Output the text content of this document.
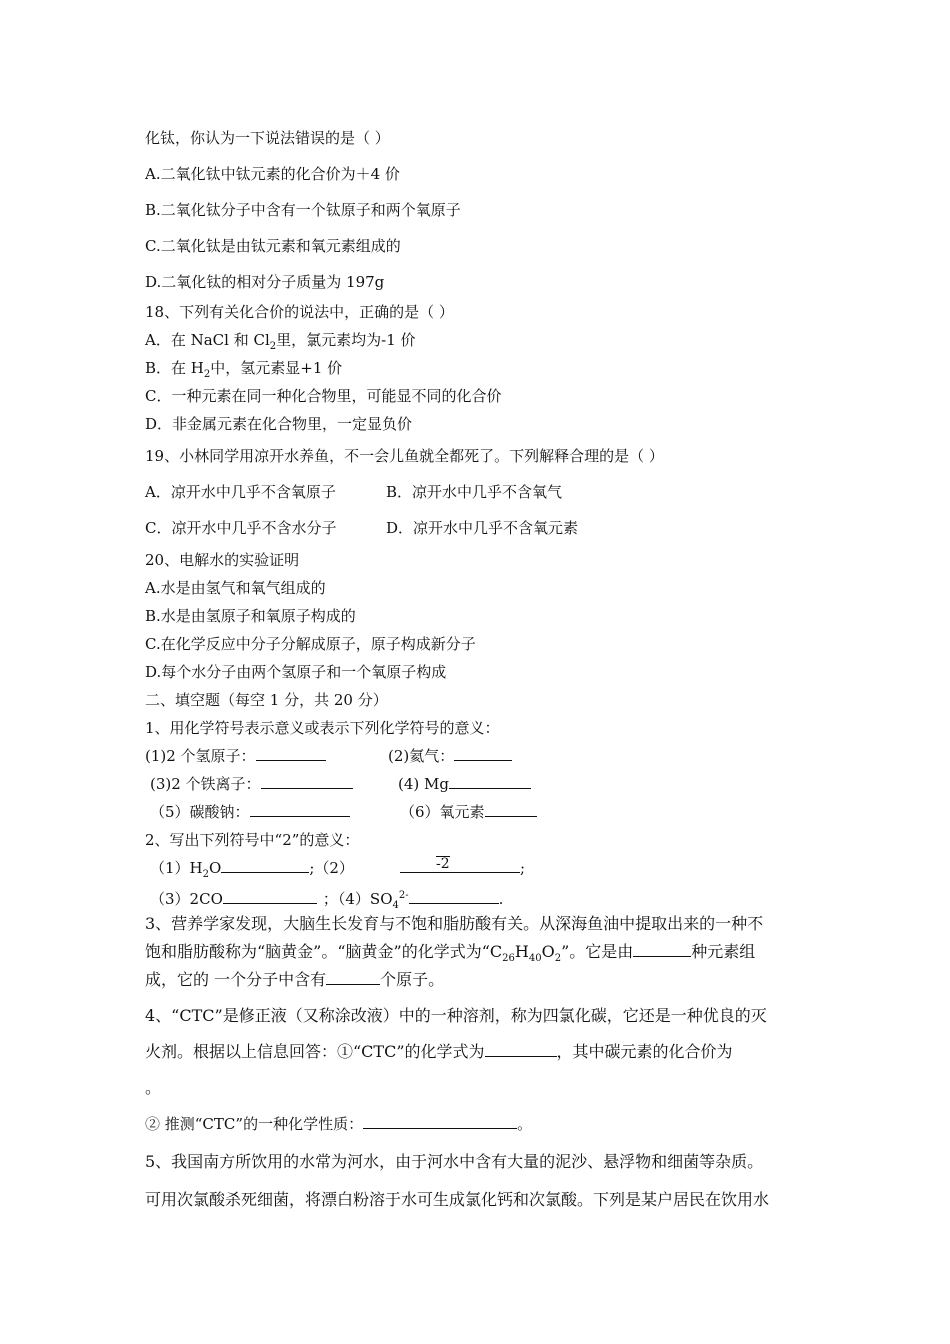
化钛，你认为一下说法错误的是（ ）
A.二氧化钛中钛元素的化合价为＋4 价
B.二氧化钛分子中含有一个钛原子和两个氧原子
C.二氧化钛是由钛元素和氧元素组成的
D.二氧化钛的相对分子质量为 197g
18、下列有关化合价的说法中，正确的是（ ）
A．在 NaCl 和 $Cl_2$里，氯元素均为-1 价
B．在 $H_2$中，氢元素显+1 价
C．一种元素在同一种化合物里，可能显不同的化合价
D．非金属元素在化合物里，一定显负价
19、小林同学用凉开水养鱼，不一会儿鱼就全都死了。下列解释合理的是（ ）
A．凉开水中几乎不含氧原子	B．凉开水中几乎不含氧气
C．凉开水中几乎不含水分子	D．凉开水中几乎不含氧元素
20、电解水的实验证明
A.水是由氢气和氧气组成的
B.水是由氢原子和氧原子构成的
C.在化学反应中分子分解成原子，原子构成新分子
D.每个水分子由两个氢原子和一个氧原子构成
二、填空题（每空 1 分，共 20 分）
1、用化学符号表示意义或表示下列化学符号的意义：
(1)2 个氢原子：	(2)氦气：
(3)2 个铁离子：	(4) Mg
（5）碳酸钠：	（6）氧元素
2、写出下列符号中“2”的意义：
$(1)H_2O$	;（2）	-2	;
（3）2CO	；$(4)SO_4^{2-}$	.
3、营养学家发现，大脑生长发育与不饱和脂肪酸有关。从深海鱼油中提取出来的一种不
饱和脂肪酸称为“脑黄金”。“脑黄金”的化学式为“$C_{26}H_{40}O_2$”。它是由	种元素组
成，它的 一个分子中含有	个原子。
4、“CTC”是修正液（又称涂改液）中的一种溶剂，称为四氯化碳，它还是一种优良的灭
火剂。根据以上信息回答：①“CTC”的化学式为	，其中碳元素的化合价为
。
② 推测“CTC”的一种化学性质：	。
5、我国南方所饮用的水常为河水，由于河水中含有大量的泥沙、悬浮物和细菌等杂质。
可用次氯酸杀死细菌，将漂白粉溶于水可生成氯化钙和次氯酸。下列是某户居民在饮用水
